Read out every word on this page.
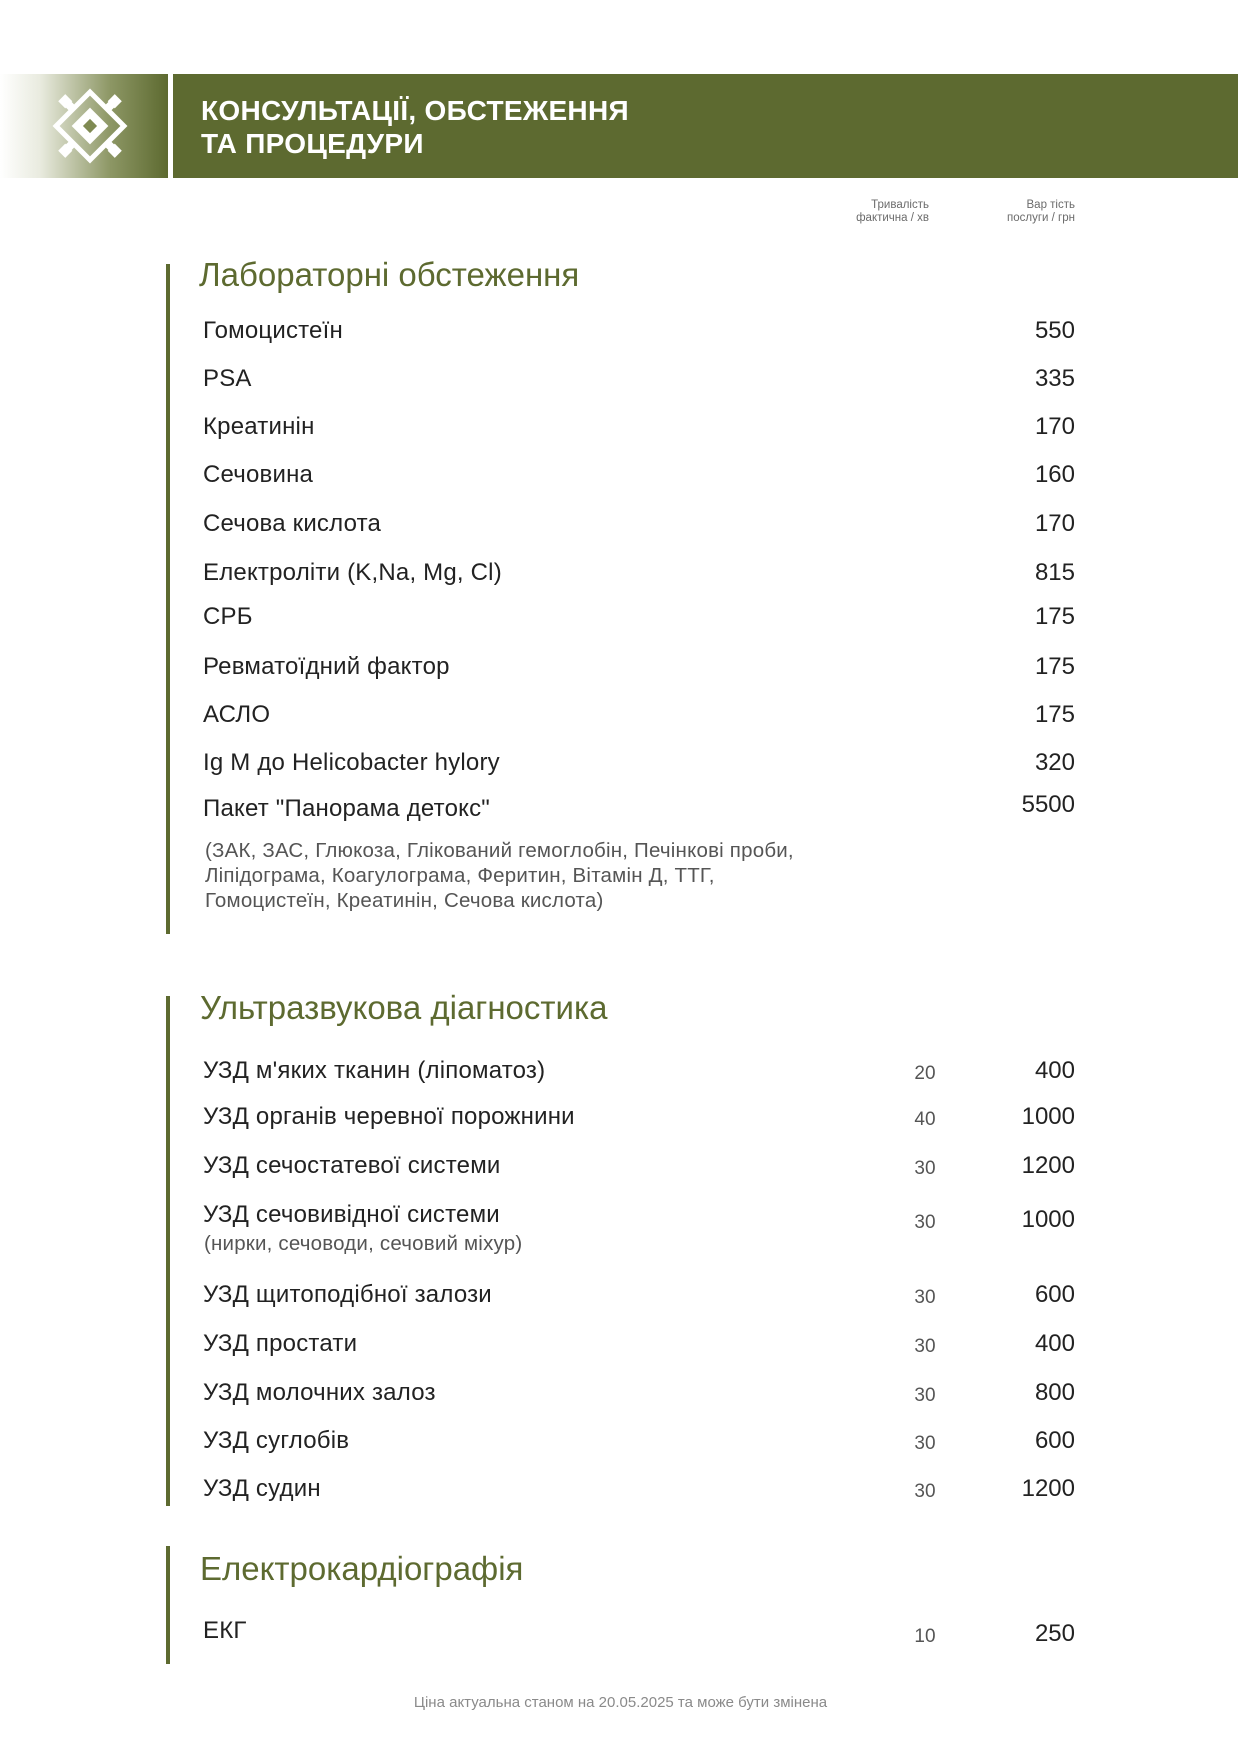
КОНСУЛЬТАЦІЇ, ОБСТЕЖЕННЯ
ТА ПРОЦЕДУРИ
Тривалість
фактична / хв
Вар тість
послуги / грн
Лабораторні обстеження
Гомоцистеїн	550
PSA	335
Креатинін	170
Сечовина	160
Сечова кислота	170
Електроліти (K,Na, Mg, Cl)	815
СРБ	175
Ревматоїдний фактор	175
АСЛО	175
Ig M до Helicobacter hylory	320
Пакет "Панорама детокс"	5500
(ЗАК, ЗАС, Глюкоза, Глікований гемоглобін, Печінкові проби,
Ліпідограма, Коагулограма, Феритин, Вітамін Д, ТТГ,
Гомоцистеїн, Креатинін, Сечова кислота)
Ультразвукова діагностика
УЗД м'яких тканин (ліпоматоз)	20	400
УЗД органів черевної порожнини	40	1000
УЗД сечостатевої системи	30	1200
УЗД сечовивідної системи	30	1000
(нирки, сечоводи, сечовий міхур)
УЗД щитоподібної залози	30	600
УЗД простати	30	400
УЗД молочних залоз	30	800
УЗД суглобів	30	600
УЗД судин	30	1200
Електрокардіографія
ЕКГ	10	250
Ціна актуальна станом на 20.05.2025 та може бути змінена
